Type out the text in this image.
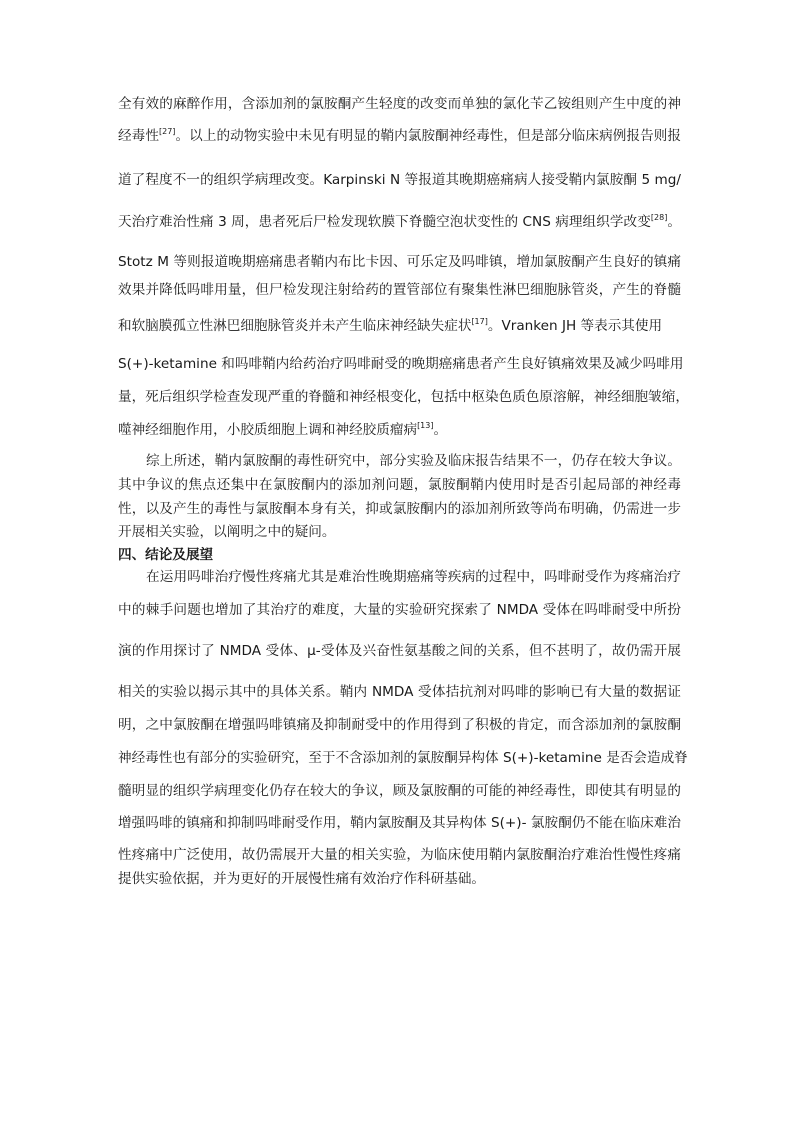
全有效的麻醉作用，含添加剂的氯胺酮产生轻度的改变而单独的氯化苄乙铵组则产生中度的神
经毒性[27]。以上的动物实验中未见有明显的鞘内氯胺酮神经毒性，但是部分临床病例报告则报
道了程度不一的组织学病理改变。Karpinski N 等报道其晚期癌痛病人接受鞘内氯胺酮 5 mg/
天治疗难治性痛 3 周，患者死后尸检发现软膜下脊髓空泡状变性的 CNS 病理组织学改变[28]。
Stotz M 等则报道晚期癌痛患者鞘内布比卡因、可乐定及吗啡镇，增加氯胺酮产生良好的镇痛
效果并降低吗啡用量，但尸检发现注射给药的置管部位有聚集性淋巴细胞脉管炎，产生的脊髓
和软脑膜孤立性淋巴细胞脉管炎并未产生临床神经缺失症状[17]。Vranken JH 等表示其使用
S(+)-ketamine 和吗啡鞘内给药治疗吗啡耐受的晚期癌痛患者产生良好镇痛效果及减少吗啡用
量，死后组织学检查发现严重的脊髓和神经根变化，包括中枢染色质色原溶解，神经细胞皱缩，
噬神经细胞作用，小胶质细胞上调和神经胶质瘤病[13]。
综上所述，鞘内氯胺酮的毒性研究中，部分实验及临床报告结果不一，仍存在较大争议。
其中争议的焦点还集中在氯胺酮内的添加剂问题，氯胺酮鞘内使用时是否引起局部的神经毒
性，以及产生的毒性与氯胺酮本身有关，抑或氯胺酮内的添加剂所致等尚布明确，仍需进一步
开展相关实验，以阐明之中的疑问。
四、结论及展望
在运用吗啡治疗慢性疼痛尤其是难治性晚期癌痛等疾病的过程中，吗啡耐受作为疼痛治疗
中的棘手问题也增加了其治疗的难度，大量的实验研究探索了 NMDA 受体在吗啡耐受中所扮
演的作用探讨了 NMDA 受体、μ-受体及兴奋性氨基酸之间的关系，但不甚明了，故仍需开展
相关的实验以揭示其中的具体关系。鞘内 NMDA 受体拮抗剂对吗啡的影响已有大量的数据证
明，之中氯胺酮在增强吗啡镇痛及抑制耐受中的作用得到了积极的肯定，而含添加剂的氯胺酮
神经毒性也有部分的实验研究，至于不含添加剂的氯胺酮异构体 S(+)-ketamine 是否会造成脊
髓明显的组织学病理变化仍存在较大的争议，顾及氯胺酮的可能的神经毒性，即使其有明显的
增强吗啡的镇痛和抑制吗啡耐受作用，鞘内氯胺酮及其异构体 S(+)- 氯胺酮仍不能在临床难治
性疼痛中广泛使用，故仍需展开大量的相关实验，为临床使用鞘内氯胺酮治疗难治性慢性疼痛
提供实验依据，并为更好的开展慢性痛有效治疗作科研基础。
